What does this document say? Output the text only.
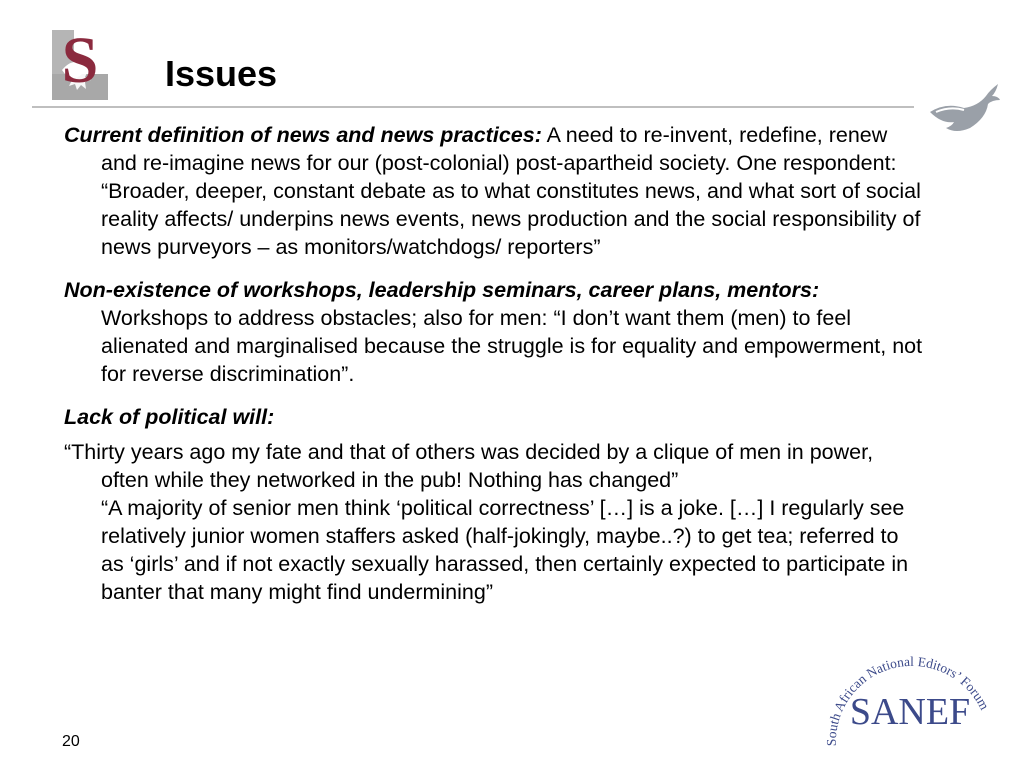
S Issues

Current definition of news and news practices: A need to re-invent, redefine, renew and re-imagine news for our (post-colonial) post-apartheid society. One respondent: “Broader, deeper, constant debate as to what constitutes news, and what sort of social reality affects/ underpins news events, news production and the social responsibility of news purveyors – as monitors/watchdogs/ reporters”

Non-existence of workshops, leadership seminars, career plans, mentors: Workshops to address obstacles; also for men: “I don’t want them (men) to feel alienated and marginalised because the struggle is for equality and empowerment, not for reverse discrimination”.

Lack of political will:

“Thirty years ago my fate and that of others was decided by a clique of men in power, often while they networked in the pub! Nothing has changed”

“A majority of senior men think ‘political correctness’ […] is a joke. […] I regularly see relatively junior women staffers asked (half-jokingly, maybe..?) to get tea; referred to as ‘girls’ and if not exactly sexually harassed, then certainly expected to participate in banter that many might find undermining”

South African National Editors’ Forum
SANEF
20
